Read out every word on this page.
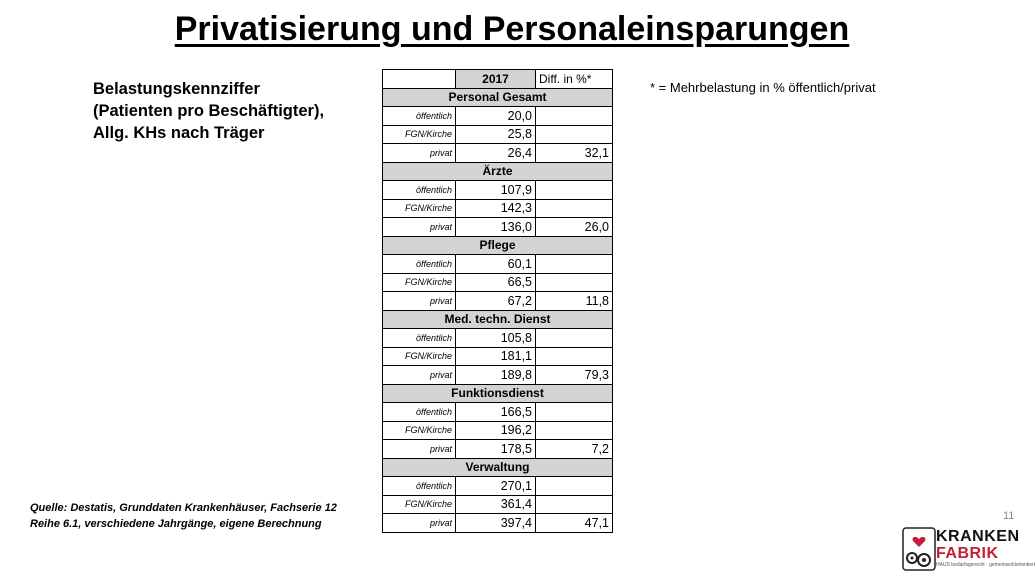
Privatisierung und Personaleinsparungen
Belastungskennziffer
(Patienten pro Beschäftigter),
Allg. KHs nach Träger
* = Mehrbelastung in % öffentlich/privat
	2017	Diff. in %*
Personal Gesamt		
öffentlich	20,0	
FGN/Kirche	25,8	
privat	26,4	32,1
Ärzte		
öffentlich	107,9	
FGN/Kirche	142,3	
privat	136,0	26,0
Pflege		
öffentlich	60,1	
FGN/Kirche	66,5	
privat	67,2	11,8
Med. techn. Dienst		
öffentlich	105,8	
FGN/Kirche	181,1	
privat	189,8	79,3
Funktionsdienst		
öffentlich	166,5	
FGN/Kirche	196,2	
privat	178,5	7,2
Verwaltung		
öffentlich	270,1	
FGN/Kirche	361,4	
privat	397,4	47,1
Quelle: Destatis, Grunddaten Krankenhäuser, Fachserie 12
Reihe 6.1, verschiedene Jahrgänge, eigene Berechnung
11
KRANKEN
FABRIK
HAUS bedarfsgerecht · gemeinwohlorientiert
